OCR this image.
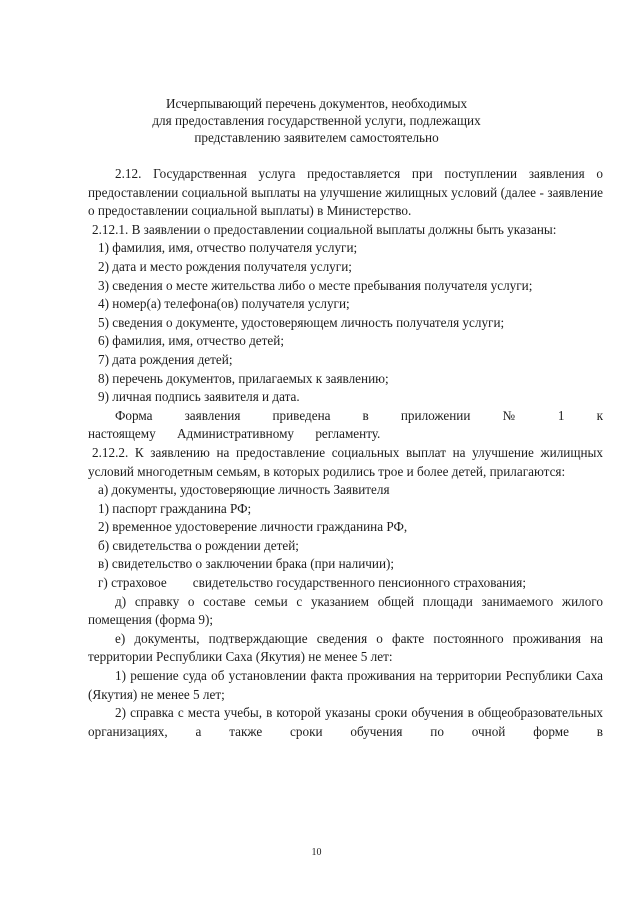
Исчерпывающий перечень документов, необходимых
для предоставления государственной услуги, подлежащих
представлению заявителем самостоятельно

2.12. Государственная услуга предоставляется при поступлении заявления о предоставлении социальной выплаты на улучшение жилищных условий (далее - заявление о предоставлении социальной выплаты) в Министерство.

2.12.1. В заявлении о предоставлении социальной выплаты должны быть указаны:

1) фамилия, имя, отчество получателя услуги;
2) дата и место рождения получателя услуги;
3) сведения о месте жительства либо о месте пребывания получателя услуги;
4) номер(а) телефона(ов) получателя услуги;
5) сведения о документе, удостоверяющем личность получателя услуги;
6) фамилия, имя, отчество детей;
7) дата рождения детей;
8) перечень документов, прилагаемых к заявлению;
9) личная подпись заявителя и дата.

Форма заявления приведена в приложении № 1 к настоящему Административному регламенту.

2.12.2. К заявлению на предоставление социальных выплат на улучшение жилищных условий многодетным семьям, в которых родились трое и более детей, прилагаются:

а) документы, удостоверяющие личность Заявителя
1) паспорт гражданина РФ;
2) временное удостоверение личности гражданина РФ,
б) свидетельства о рождении детей;
в) свидетельство о заключении брака (при наличии);
г) страховое свидетельство государственного пенсионного страхования;

д) справку о составе семьи с указанием общей площади занимаемого жилого помещения (форма 9);

е) документы, подтверждающие сведения о факте постоянного проживания на территории Республики Саха (Якутия) не менее 5 лет:

1) решение суда об установлении факта проживания на территории Республики Саха (Якутия) не менее 5 лет;

2) справка с места учебы, в которой указаны сроки обучения в общеобразовательных организациях, а также сроки обучения по очной форме в

10
